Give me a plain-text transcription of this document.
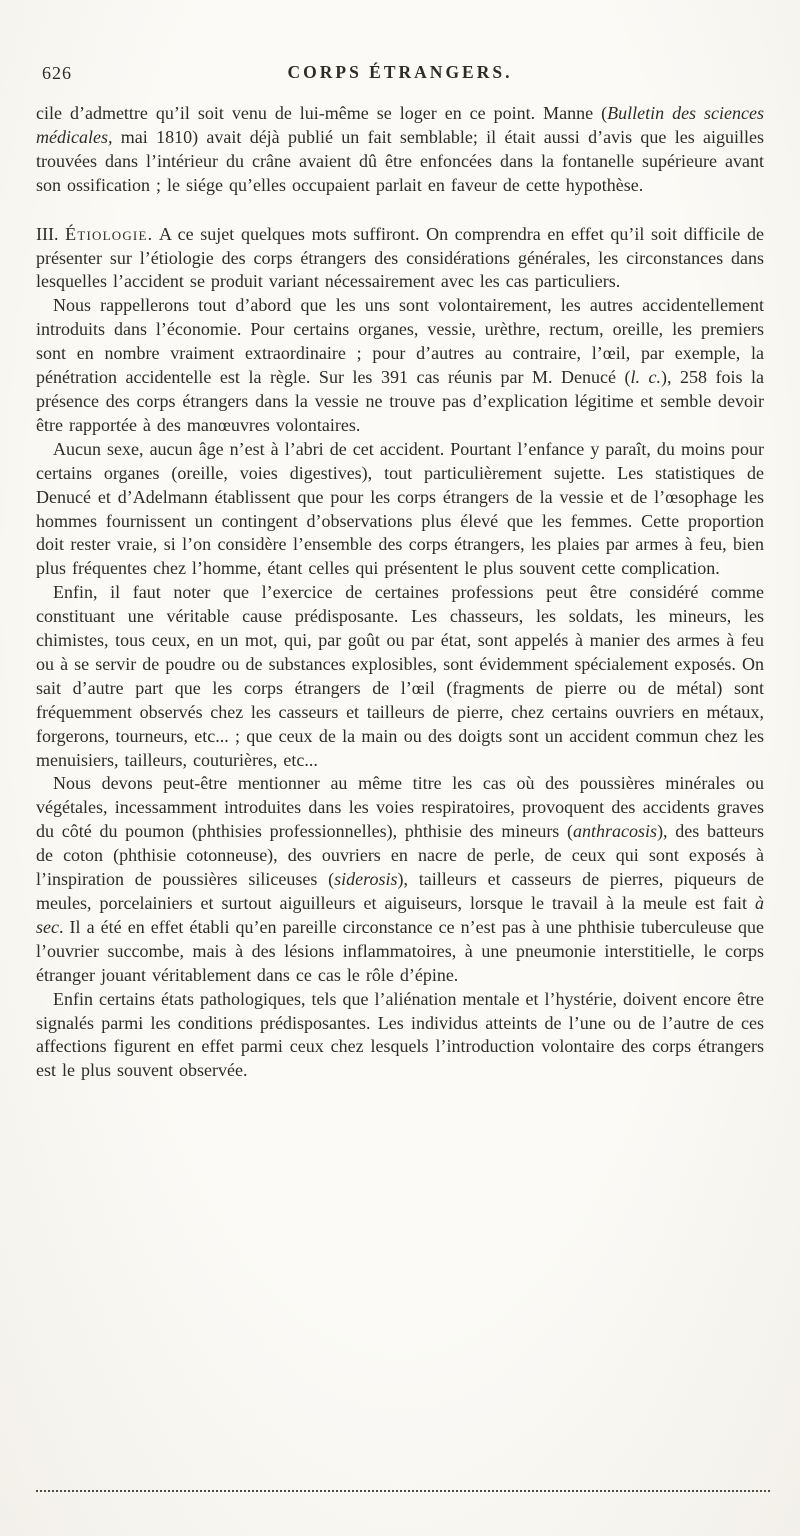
626	CORPS ÉTRANGERS.

cile d’admettre qu’il soit venu de lui-même se loger en ce point. Manne (Bulletin des sciences médicales, mai 1810) avait déjà publié un fait semblable; il était aussi d’avis que les aiguilles trouvées dans l’intérieur du crâne avaient dû être enfoncées dans la fontanelle supérieure avant son ossification ; le siége qu’elles occupaient parlait en faveur de cette hypothèse.

III. Étiologie. A ce sujet quelques mots suffiront. On comprendra en effet qu’il soit difficile de présenter sur l’étiologie des corps étrangers des considérations générales, les circonstances dans lesquelles l’accident se produit variant nécessairement avec les cas particuliers.

Nous rappellerons tout d’abord que les uns sont volontairement, les autres accidentellement introduits dans l’économie. Pour certains organes, vessie, urèthre, rectum, oreille, les premiers sont en nombre vraiment extraordinaire ; pour d’autres au contraire, l’œil, par exemple, la pénétration accidentelle est la règle. Sur les 391 cas réunis par M. Denucé (l. c.), 258 fois la présence des corps étrangers dans la vessie ne trouve pas d’explication légitime et semble devoir être rapportée à des manœuvres volontaires.

Aucun sexe, aucun âge n’est à l’abri de cet accident. Pourtant l’enfance y paraît, du moins pour certains organes (oreille, voies digestives), tout particulièrement sujette. Les statistiques de Denucé et d’Adelmann établissent que pour les corps étrangers de la vessie et de l’œsophage les hommes fournissent un contingent d’observations plus élevé que les femmes. Cette proportion doit rester vraie, si l’on considère l’ensemble des corps étrangers, les plaies par armes à feu, bien plus fréquentes chez l’homme, étant celles qui présentent le plus souvent cette complication.

Enfin, il faut noter que l’exercice de certaines professions peut être considéré comme constituant une véritable cause prédisposante. Les chasseurs, les soldats, les mineurs, les chimistes, tous ceux, en un mot, qui, par goût ou par état, sont appelés à manier des armes à feu ou à se servir de poudre ou de substances explosibles, sont évidemment spécialement exposés. On sait d’autre part que les corps étrangers de l’œil (fragments de pierre ou de métal) sont fréquemment observés chez les casseurs et tailleurs de pierre, chez certains ouvriers en métaux, forgerons, tourneurs, etc... ; que ceux de la main ou des doigts sont un accident commun chez les menuisiers, tailleurs, couturières, etc...

Nous devons peut-être mentionner au même titre les cas où des poussières minérales ou végétales, incessamment introduites dans les voies respiratoires, provoquent des accidents graves du côté du poumon (phthisies professionnelles), phthisie des mineurs (anthracosis), des batteurs de coton (phthisie cotonneuse), des ouvriers en nacre de perle, de ceux qui sont exposés à l’inspiration de poussières siliceuses (siderosis), tailleurs et casseurs de pierres, piqueurs de meules, porcelainiers et surtout aiguilleurs et aiguiseurs, lorsque le travail à la meule est fait à sec. Il a été en effet établi qu’en pareille circonstance ce n’est pas à une phthisie tuberculeuse que l’ouvrier succombe, mais à des lésions inflammatoires, à une pneumonie interstitielle, le corps étranger jouant véritablement dans ce cas le rôle d’épine.

Enfin certains états pathologiques, tels que l’aliénation mentale et l’hystérie, doivent encore être signalés parmi les conditions prédisposantes. Les individus atteints de l’une ou de l’autre de ces affections figurent en effet parmi ceux chez lesquels l’introduction volontaire des corps étrangers est le plus souvent observée.
